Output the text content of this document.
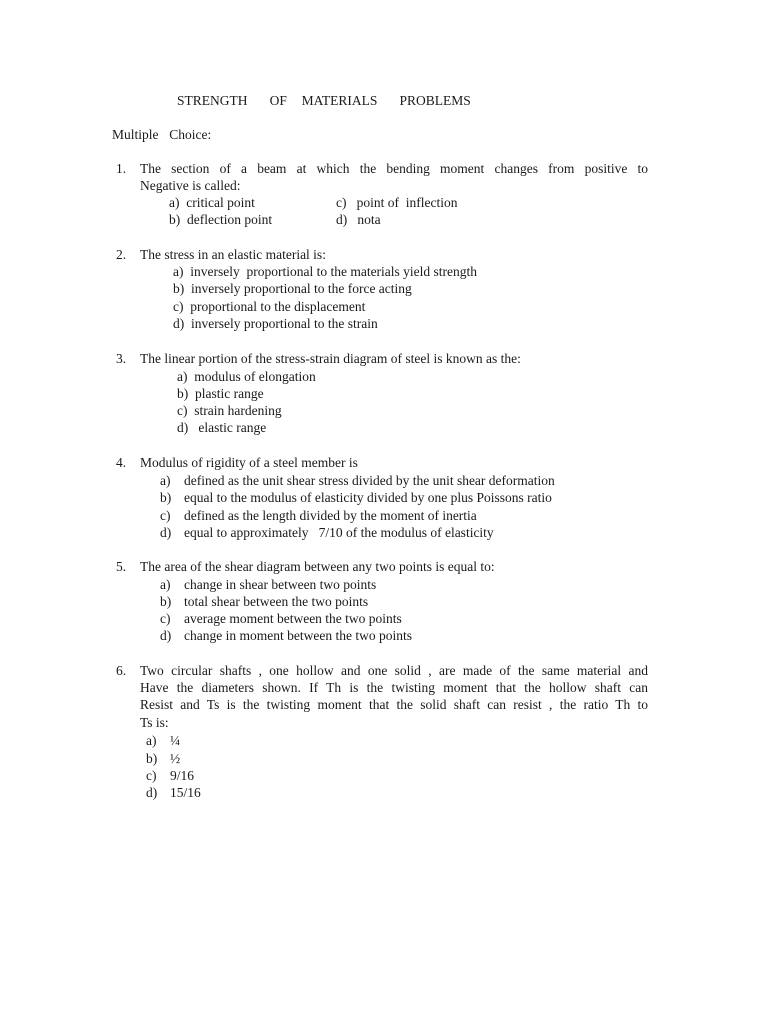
STRENGTH   OF  MATERIALS   PROBLEMS
Multiple  Choice:
1. The section of a beam at which the bending moment changes from positive to
Negative is called:
a)  critical point
b)  deflection point
c)   point of  inflection
d)   nota
2. The stress in an elastic material is:
a)  inversely  proportional to the materials yield strength
b)  inversely proportional to the force acting
c)  proportional to the displacement
d)  inversely proportional to the strain
3. The linear portion of the stress-strain diagram of steel is known as the:
a)  modulus of elongation
b)  plastic range
c)  strain hardening
d)   elastic range
4. Modulus of rigidity of a steel member is
a) defined as the unit shear stress divided by the unit shear deformation
b) equal to the modulus of elasticity divided by one plus Poissons ratio
c) defined as the length divided by the moment of inertia
d) equal to approximately   7/10 of the modulus of elasticity
5. The area of the shear diagram between any two points is equal to:
a) change in shear between two points
b) total shear between the two points
c) average moment between the two points
d) change in moment between the two points
6. Two circular shafts , one hollow and one solid , are made of the same material and
Have the diameters shown. If Th is the twisting moment that the hollow shaft can
Resist and Ts is the twisting moment that the solid shaft can resist , the ratio Th to
Ts is:
a) ¼
b) ½
c) 9/16
d) 15/16
